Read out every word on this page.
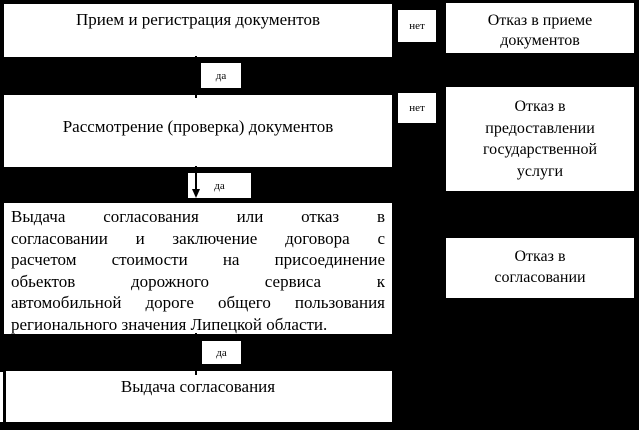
Прием и регистрация документов
Рассмотрение (проверка) документов
Выдача согласования или отказ в
согласовании и заключение договора с
расчетом стоимости на присоединение
обьектов дорожного сервиса к
автомобильной дороге общего пользования
регионального значения Липецкой области.
Выдача согласования
да
да
да
нет
нет
Отказ в приеме
документов
Отказ в
предоставлении
государственной
услуги
Отказ в
согласовании
